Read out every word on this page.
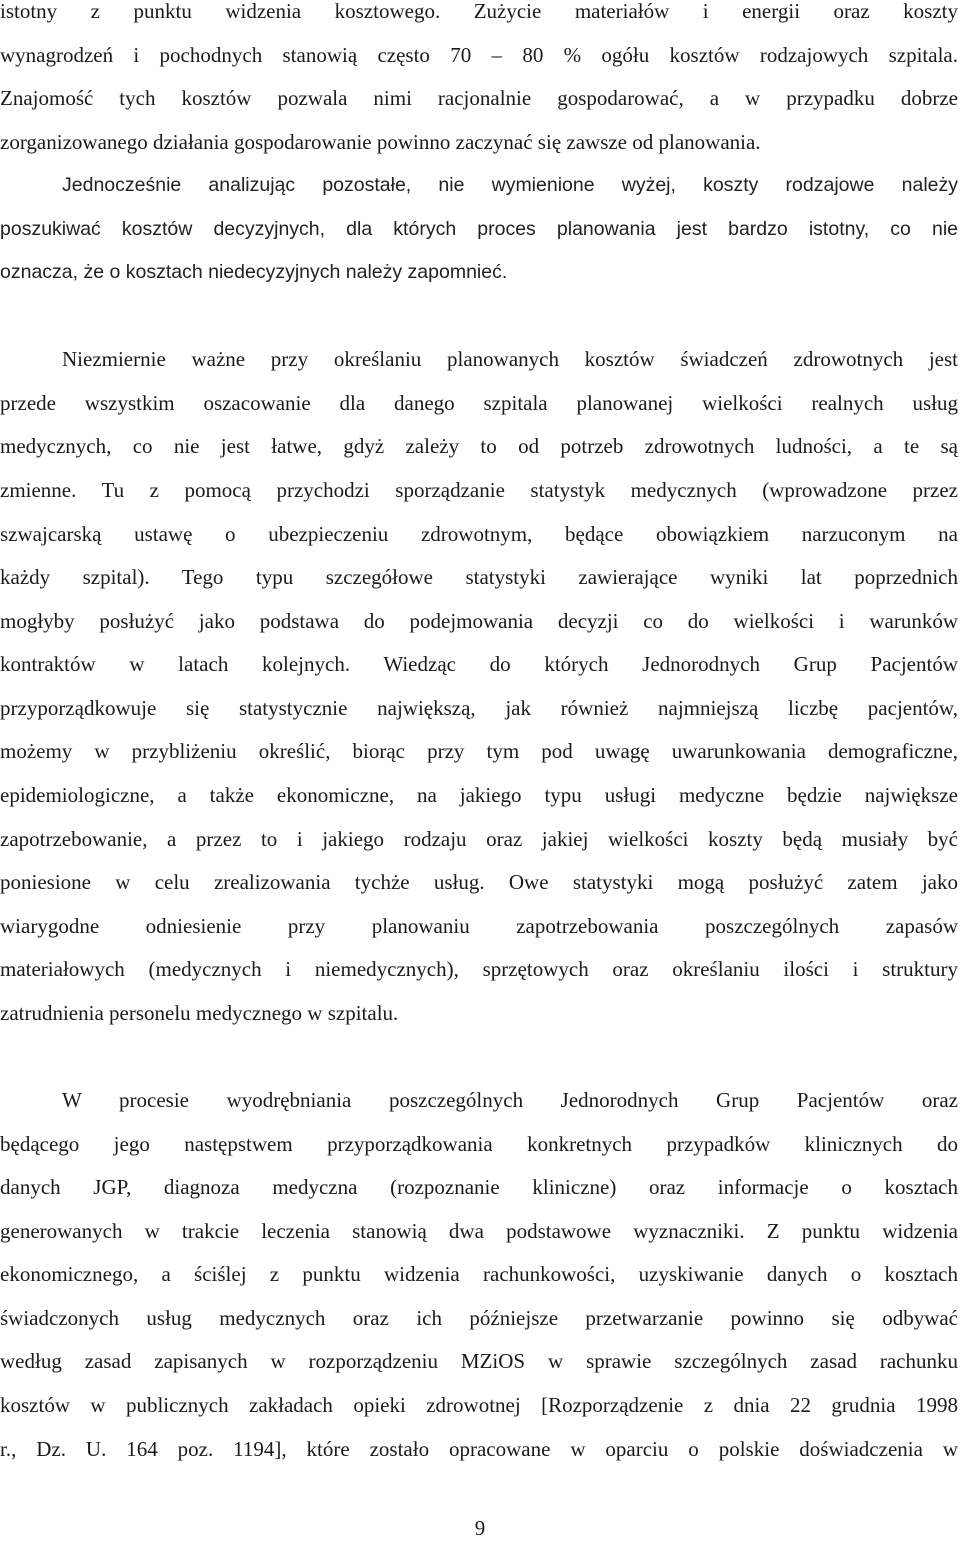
istotny z punktu widzenia kosztowego. Zużycie materiałów i energii oraz koszty
wynagrodzeń i pochodnych stanowią często 70 – 80 % ogółu kosztów rodzajowych szpitala.
Znajomość tych kosztów pozwala nimi racjonalnie gospodarować, a w przypadku dobrze
zorganizowanego działania gospodarowanie powinno zaczynać się zawsze od planowania.
Jednocześnie analizując pozostałe, nie wymienione wyżej, koszty rodzajowe należy
poszukiwać kosztów decyzyjnych, dla których proces planowania jest bardzo istotny, co nie
oznacza, że o kosztach niedecyzyjnych należy zapomnieć.
Niezmiernie ważne przy określaniu planowanych kosztów świadczeń zdrowotnych jest
przede wszystkim oszacowanie dla danego szpitala planowanej wielkości realnych usług
medycznych, co nie jest łatwe, gdyż zależy to od potrzeb zdrowotnych ludności, a te są
zmienne. Tu z pomocą przychodzi sporządzanie statystyk medycznych (wprowadzone przez
szwajcarską ustawę o ubezpieczeniu zdrowotnym, będące obowiązkiem narzuconym na
każdy szpital). Tego typu szczegółowe statystyki zawierające wyniki lat poprzednich
mogłyby posłużyć jako podstawa do podejmowania decyzji co do wielkości i warunków
kontraktów w latach kolejnych. Wiedząc do których Jednorodnych Grup Pacjentów
przyporządkowuje się statystycznie największą, jak również najmniejszą liczbę pacjentów,
możemy w przybliżeniu określić, biorąc przy tym pod uwagę uwarunkowania demograficzne,
epidemiologiczne, a także ekonomiczne, na jakiego typu usługi medyczne będzie największe
zapotrzebowanie, a przez to i jakiego rodzaju oraz jakiej wielkości koszty będą musiały być
poniesione w celu zrealizowania tychże usług. Owe statystyki mogą posłużyć zatem jako
wiarygodne odniesienie przy planowaniu zapotrzebowania poszczególnych zapasów
materiałowych (medycznych i niemedycznych), sprzętowych oraz określaniu ilości i struktury
zatrudnienia personelu medycznego w szpitalu.
W procesie wyodrębniania poszczególnych Jednorodnych Grup Pacjentów oraz
będącego jego następstwem przyporządkowania konkretnych przypadków klinicznych do
danych JGP, diagnoza medyczna (rozpoznanie kliniczne) oraz informacje o kosztach
generowanych w trakcie leczenia stanowią dwa podstawowe wyznaczniki. Z punktu widzenia
ekonomicznego, a ściślej z punktu widzenia rachunkowości, uzyskiwanie danych o kosztach
świadczonych usług medycznych oraz ich późniejsze przetwarzanie powinno się odbywać
według zasad zapisanych w rozporządzeniu MZiOS w sprawie szczególnych zasad rachunku
kosztów w publicznych zakładach opieki zdrowotnej [Rozporządzenie z dnia 22 grudnia 1998
r., Dz. U. 164 poz. 1194], które zostało opracowane w oparciu o polskie doświadczenia w
9
